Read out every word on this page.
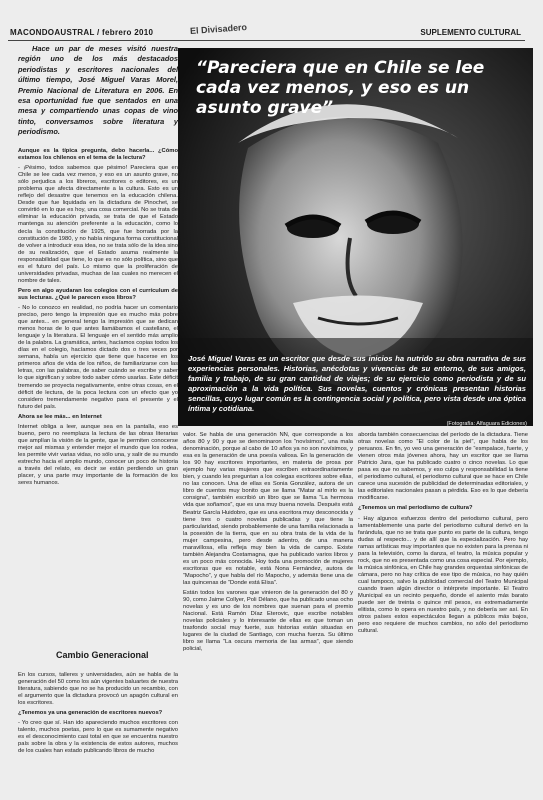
MACONDOAUSTRAL / febrero 2010	El Divisadero	SUPLEMENTO CULTURAL
Hace un par de meses visitó nuestra región uno de los más destacados periodistas y escritores nacionales del último tiempo, José Miguel Varas Morel, Premio Nacional de Literatura en 2006. En esa oportunidad fue que sentados en una mesa y compartiendo unas copas de vino tinto, conversamos sobre literatura y periodismo.
“Pareciera que en Chile se lee cada vez menos, y eso es un asunto grave”
José Miguel Varas es un escritor que desde sus inicios ha nutrido su obra narrativa de sus experiencias personales. Historias, anécdotas y vivencias de su entorno, de sus amigos, familia y trabajo, de su gran cantidad de viajes; de su ejercicio como periodista y de su aproximación a la vida política. Sus novelas, cuentos y crónicas presentan historias sencillas, cuyo lugar común es la contingencia social y política, pero vista desde una óptica íntima y cotidiana.
(Fotografía: Alfaguara Ediciones)

Aunque es la típica pregunta, debo hacerla... ¿Cómo estamos los chilenos en el tema de la lectura?

- ¡Pésimo, todos sabemos que pésimo! Pareciera que en Chile se lee cada vez menos, y eso es un asunto grave, no sólo perjudica a los libreros, escritores o editores, es un problema que afecta directamente a la cultura. Esto es un reflejo del desastre que tenemos en la educación chilena. Desde que fue liquidada en la dictadura de Pinochet, se convirtió en lo que es hoy, una cosa comercial. No se trata de eliminar la educación privada, se trata de que el Estado mantenga su atención preferente a la educación, como lo decía la constitución de 1925, que fue borrada por la constitución de 1980, y no había ninguna forma constitucional de volver a introducir esa idea, no se trata sólo de la idea sino de su realización, que el Estado asuma realmente la responsabilidad que tiene, lo que es no sólo política, sino que es el futuro del país. Lo mismo que la proliferación de universidades privadas, muchas de las cuales no merecen el nombre de tales.

Pero en algo ayudaran los colegios con el currículum de sus lecturas. ¿Qué le parecen esos libros?

- No lo conozco en realidad, no podría hacer un comentario preciso, pero tengo la impresión que es mucho más pobre que antes... en general tengo la impresión que se dedican menos horas de lo que antes llamábamos el castellano, el lenguaje y la literatura. El lenguaje en el sentido más amplio de la palabra. La gramática, antes, hacíamos copias todos los días en el colegio, hacíamos dictado dos o tres veces por semana, había un ejercicio que tiene que hacerse en los primeros años de vida de los niños, de familiarizarse con las letras, con las palabras, de saber cuándo se escribe y saber lo que significan y sobre todo saber cómo usarlas. Este déficit tremendo se proyecta negativamente, entre otras cosas, en el déficit de lectura, de la poca lectura con un efecto que yo considero tremendamente negativo para el presente y el futuro del país.

Ahora se lee más... en Internet

Internet obliga a leer, aunque sea en la pantalla, eso es bueno, pero no reemplaza la lectura de las obras literarias que amplían la visión de la gente, que le permiten conocerse mejor así mismas y entender mejor el mundo que los rodea, les permite vivir varias vidas, no sólo una, y salir de su mundo estrecho hacia el amplio mundo, conocer un poco de historia a través del relato, es decir se están perdiendo un gran placer, y una parte muy importante de la formación de los seres humanos.

Cambio Generacional

En los cursos, talleres y universidades, aún se habla de la generación del 50 como los aún vigentes baluartes de nuestra literatura, sabiendo que no se ha producido un recambio, con el argumento que la dictadura provocó un apagón cultural en los escritores.

¿Tenemos ya una generación de escritores nuevos?

- Yo creo que sí. Han ido apareciendo muchos escritores con talento, muchos poetas, pero lo que es sumamente negativo es el desconocimiento casi total en que se encuentra nuestro país sobre la obra y la existencia de estos autores, muchos de los cuales han estado publicando libros de mucho

valor. Se habla de una generación NN, que corresponde a los años 80 y 90 y que se denominaron los “novísimos”, una mala denominación, porque al cabo de 10 años ya no son novísimos, y esa es la generación de una poesía valiosa. En la generación de los 90 hay escritores importantes, en materia de prosa por ejemplo hay varias mujeres que escriben extraordinariamente bien, y cuando les preguntan a los colegas escritores sobre ellas, no las conocen. Una de ellas es Sonia González, autora de un libro de cuentos muy bonito que se llama “Matar al mirlo es la consigna”, también escribió un libro que se llama “La hermosa vida que soñamos”, que es una muy buena novela. Después está Beatriz García Huidobro, que es una escritora muy desconocida y tiene tres o cuatro novelas publicadas y que tiene la particularidad, siendo probablemente de una familia relacionada a la posesión de la tierra, que en su obra trata de la vida de la mujer campesina, pero desde adentro, de una manera maravillosa, ella refleja muy bien la vida de campo. Existe también Alejandra Costamagna, que ha publicado varios libros y es un poco más conocida. Hoy toda una promoción de mujeres escritoras que es notable, está Nona Fernández, autora de “Mapocho”, y que habla del río Mapocho, y además tiene una de las quincenas de “Donde está Elisa”.

Están todos los varones que vinieron de la generación del 80 y 90, como Jaime Collyer, Poli Délano, que ha publicado unas ocho novelas y es uno de los nombres que suenan para el premio Nacional. Está Ramón Díaz Eterovic, que escribe notables novelas policiales y lo interesante de ellas es que toman un trasfondo social muy fuerte, sus historias están situadas en lugares de la ciudad de Santiago, con mucha fuerza. Su último libro se llama “La oscura memoria de las armas”, que siendo policial,

aborda también consecuencias del período de la dictadura. Tiene otras novelas como “El color de la piel”, que habla de los peruanos. En fin, yo veo una generación de “esmpalace, fuerte, y vienen otros más jóvenes ahora, hay un escritor que se llama Patricio Jara, que ha publicado cuatro o cinco novelas. Lo que pasa es que no sabemos, y eso culpa y responsabilidad la tiene el periodismo cultural, el periodismo cultural que se hace en Chile carece una sucesión de publicidad de determinadas editoriales, y las editoriales nacionales pasan a pérdida. Eso es lo que debería modificarse.

¿Tenemos un mal periodismo de cultura?

- Hay algunos esfuerzos dentro del periodismo cultural, pero lamentablemente una parte del periodismo cultural derivó en la farándula, que no se trata que punto es parte de la cultura, tengo dudas al respecto... y de allí que la especialización. Pero hay ramas artísticas muy importantes que no existen para la prensa ni para la televisión, como la danza, el teatro, la música popular y rock, que no es presentada como una cosa especial. Por ejemplo, la música sinfónica, en Chile hay grandes orquestas sinfónicas de cámara, pero no hay crítica de ese tipo de música, no hay quién cual tampoco, salvo la publicidad comercial del Teatro Municipal cuando traen algún director o intérprete importante. El Teatro Municipal es un recinto pequeño, donde el asiento más barato puede ser de treinta o quince mil pesos, es extremadamente elitista, como lo opera en nuestro país, y no debería ser así. En otros países estos espectáculos llegan a públicos más bajos, pero eso requiere de muchos cambios, no sólo del periodismo cultural.
